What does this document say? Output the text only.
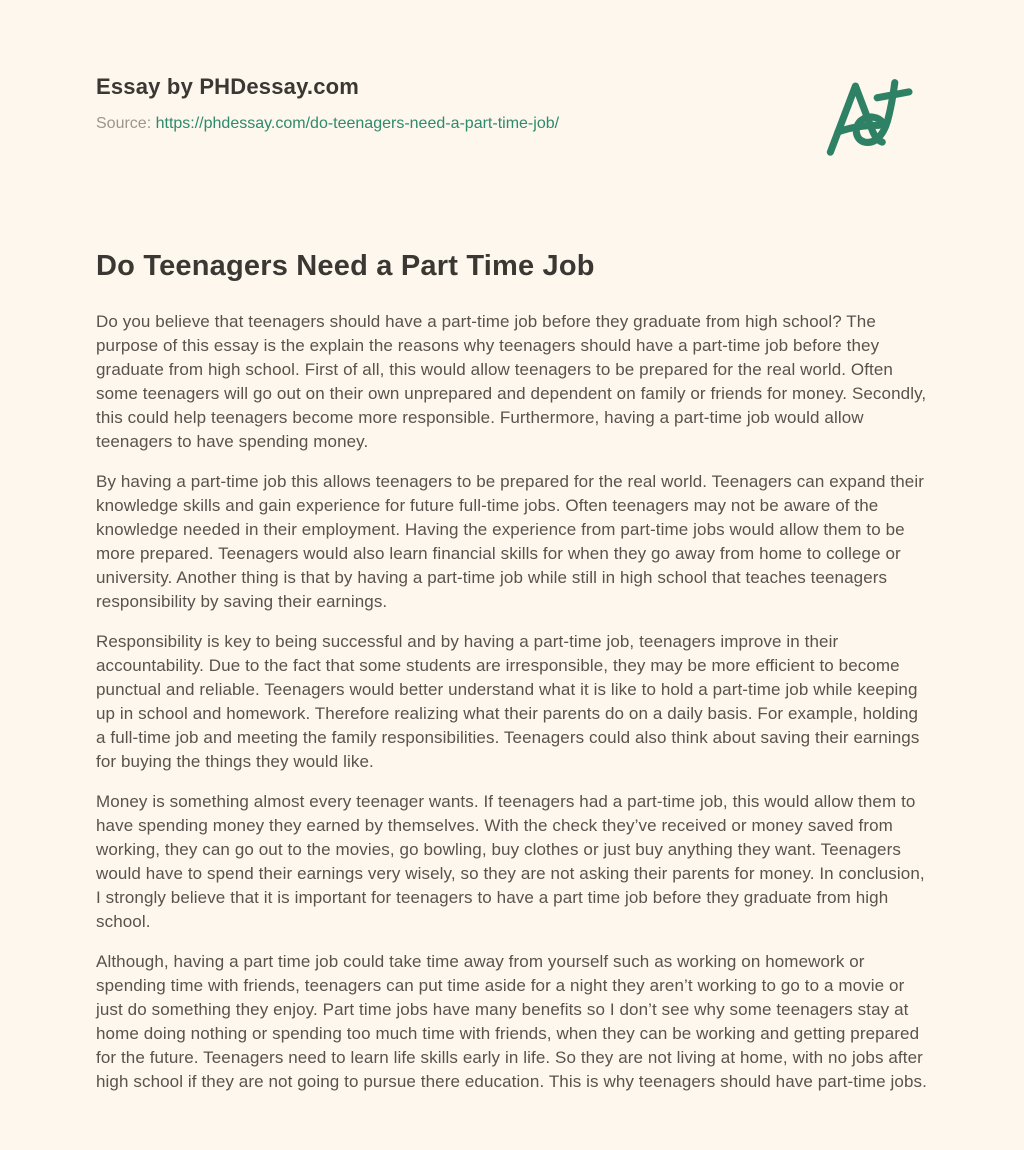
Essay by PHDessay.com

Source: https://phdessay.com/do-teenagers-need-a-part-time-job/

Do Teenagers Need a Part Time Job

Do you believe that teenagers should have a part-time job before they graduate from high school? The purpose of this essay is the explain the reasons why teenagers should have a part-time job before they graduate from high school. First of all, this would allow teenagers to be prepared for the real world. Often some teenagers will go out on their own unprepared and dependent on family or friends for money. Secondly, this could help teenagers become more responsible. Furthermore, having a part-time job would allow teenagers to have spending money.

By having a part-time job this allows teenagers to be prepared for the real world. Teenagers can expand their knowledge skills and gain experience for future full-time jobs. Often teenagers may not be aware of the knowledge needed in their employment. Having the experience from part-time jobs would allow them to be more prepared. Teenagers would also learn financial skills for when they go away from home to college or university. Another thing is that by having a part-time job while still in high school that teaches teenagers responsibility by saving their earnings.

Responsibility is key to being successful and by having a part-time job, teenagers improve in their accountability. Due to the fact that some students are irresponsible, they may be more efficient to become punctual and reliable. Teenagers would better understand what it is like to hold a part-time job while keeping up in school and homework. Therefore realizing what their parents do on a daily basis. For example, holding a full-time job and meeting the family responsibilities. Teenagers could also think about saving their earnings for buying the things they would like.

Money is something almost every teenager wants. If teenagers had a part-time job, this would allow them to have spending money they earned by themselves. With the check they’ve received or money saved from working, they can go out to the movies, go bowling, buy clothes or just buy anything they want. Teenagers would have to spend their earnings very wisely, so they are not asking their parents for money. In conclusion, I strongly believe that it is important for teenagers to have a part time job before they graduate from high school.

Although, having a part time job could take time away from yourself such as working on homework or spending time with friends, teenagers can put time aside for a night they aren’t working to go to a movie or just do something they enjoy. Part time jobs have many benefits so I don’t see why some teenagers stay at home doing nothing or spending too much time with friends, when they can be working and getting prepared for the future. Teenagers need to learn life skills early in life. So they are not living at home, with no jobs after high school if they are not going to pursue there education. This is why teenagers should have part-time jobs.
